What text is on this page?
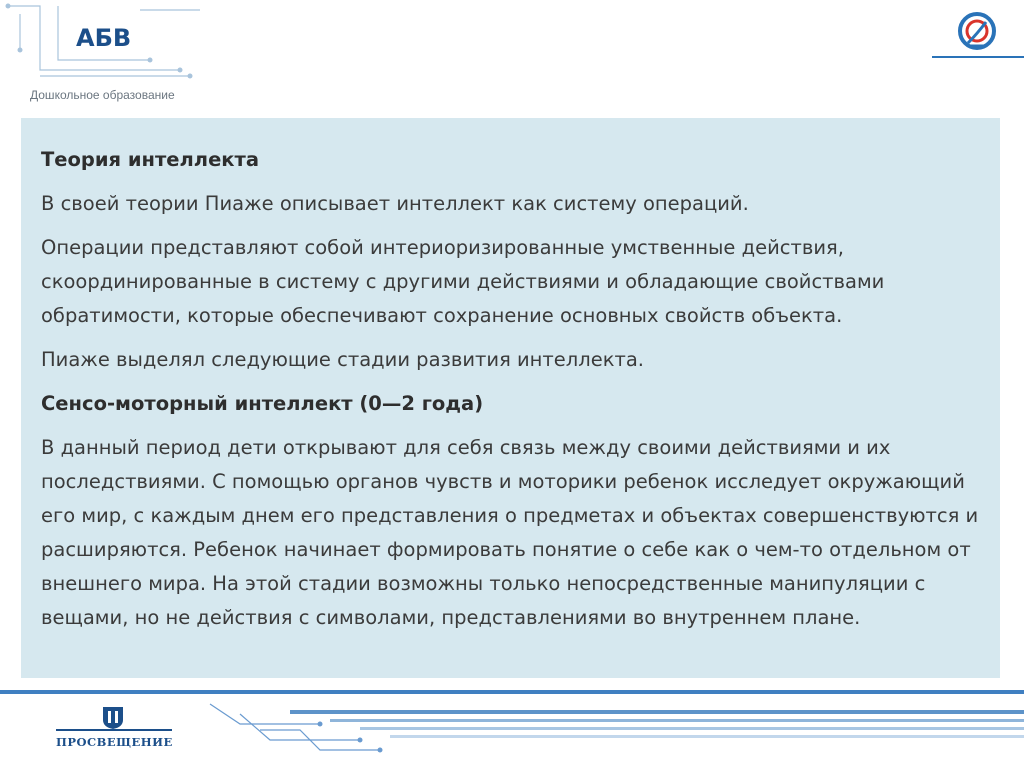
АБВ
Дошкольное образование

Теория интеллекта

В своей теории Пиаже описывает интеллект как систему операций.

Операции представляют собой интериоризированные умственные действия, скоординированные в систему с другими действиями и обладающие свойствами обратимости, которые обеспечивают сохранение основных свойств объекта.

Пиаже выделял следующие стадии развития интеллекта.

Сенсо-моторный интеллект (0—2 года)

В данный период дети открывают для себя связь между своими действиями и их последствиями. С помощью органов чувств и моторики ребенок исследует окружающий его мир, с каждым днем его представления о предметах и объектах совершенствуются и расширяются. Ребенок начинает формировать понятие о себе как о чем-то отдельном от внешнего мира. На этой стадии возможны только непосредственные манипуляции с вещами, но не действия с символами, представлениями во внутреннем плане.

ПРОСВЕЩЕНИЕ
